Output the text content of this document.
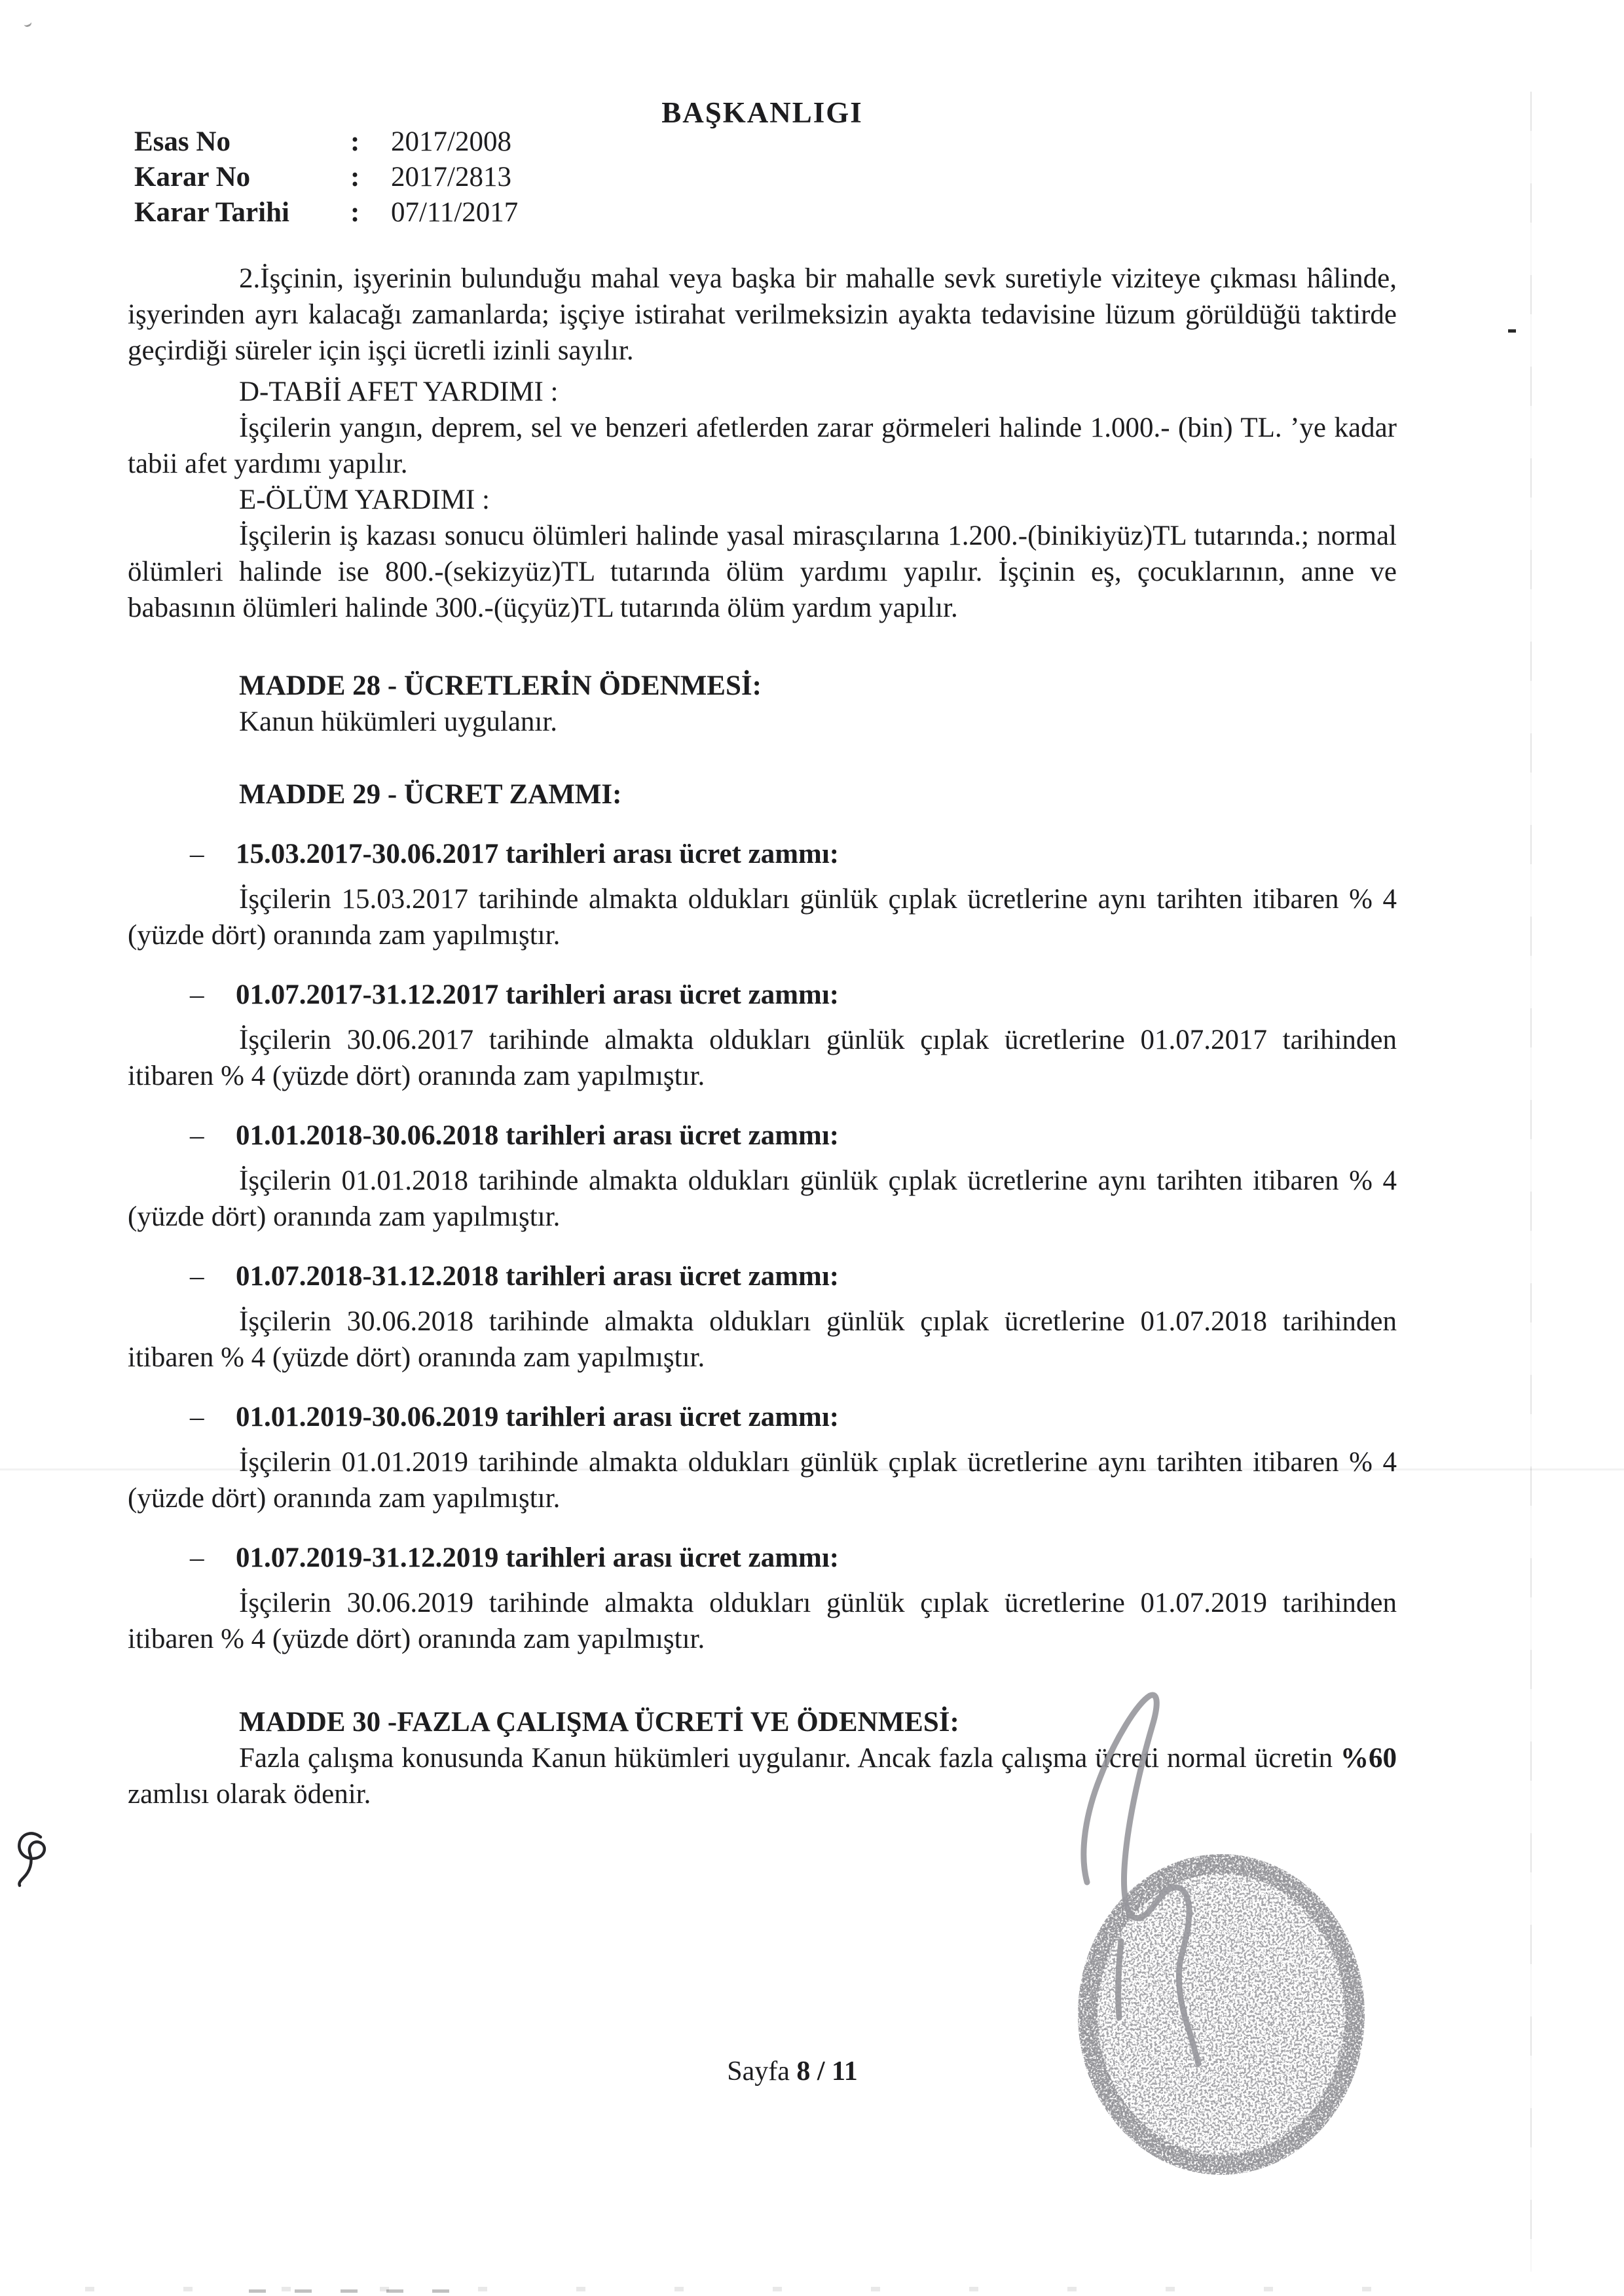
BAŞKANLIGI
Esas No	:	2017/2008
Karar No	:	2017/2813
Karar Tarihi	:	07/11/2017

2.İşçinin, işyerinin bulunduğu mahal veya başka bir mahalle sevk suretiyle viziteye çıkması hâlinde, işyerinden ayrı kalacağı zamanlarda; işçiye istirahat verilmeksizin ayakta tedavisine lüzum görüldüğü taktirde geçirdiği süreler için işçi ücretli izinli sayılır.

D-TABİİ AFET YARDIMI :

İşçilerin yangın, deprem, sel ve benzeri afetlerden zarar görmeleri halinde 1.000.- (bin) TL. ’ye kadar tabii afet yardımı yapılır.

E-ÖLÜM YARDIMI :

İşçilerin iş kazası sonucu ölümleri halinde yasal mirasçılarına 1.200.-(binikiyüz)TL tutarında.; normal ölümleri halinde ise 800.-(sekizyüz)TL tutarında ölüm yardımı yapılır. İşçinin eş, çocuklarının, anne ve babasının ölümleri halinde 300.-(üçyüz)TL tutarında ölüm yardım yapılır.

MADDE 28 - ÜCRETLERİN ÖDENMESİ:

Kanun hükümleri uygulanır.

MADDE 29 - ÜCRET ZAMMI:

– 15.03.2017-30.06.2017 tarihleri arası ücret zammı:

İşçilerin 15.03.2017 tarihinde almakta oldukları günlük çıplak ücretlerine aynı tarihten itibaren % 4 (yüzde dört) oranında zam yapılmıştır.

– 01.07.2017-31.12.2017 tarihleri arası ücret zammı:

İşçilerin 30.06.2017 tarihinde almakta oldukları günlük çıplak ücretlerine 01.07.2017 tarihinden itibaren % 4 (yüzde dört) oranında zam yapılmıştır.

– 01.01.2018-30.06.2018 tarihleri arası ücret zammı:

İşçilerin 01.01.2018 tarihinde almakta oldukları günlük çıplak ücretlerine aynı tarihten itibaren % 4 (yüzde dört) oranında zam yapılmıştır.

– 01.07.2018-31.12.2018 tarihleri arası ücret zammı:

İşçilerin 30.06.2018 tarihinde almakta oldukları günlük çıplak ücretlerine 01.07.2018 tarihinden itibaren % 4 (yüzde dört) oranında zam yapılmıştır.

– 01.01.2019-30.06.2019 tarihleri arası ücret zammı:

İşçilerin 01.01.2019 tarihinde almakta oldukları günlük çıplak ücretlerine aynı tarihten itibaren % 4 (yüzde dört) oranında zam yapılmıştır.

– 01.07.2019-31.12.2019 tarihleri arası ücret zammı:

İşçilerin 30.06.2019 tarihinde almakta oldukları günlük çıplak ücretlerine 01.07.2019 tarihinden itibaren % 4 (yüzde dört) oranında zam yapılmıştır.

MADDE 30 -FAZLA ÇALIŞMA ÜCRETİ VE ÖDENMESİ:

Fazla çalışma konusunda Kanun hükümleri uygulanır. Ancak fazla çalışma ücreti normal ücretin %60 zamlısı olarak ödenir.

Sayfa 8 / 11
